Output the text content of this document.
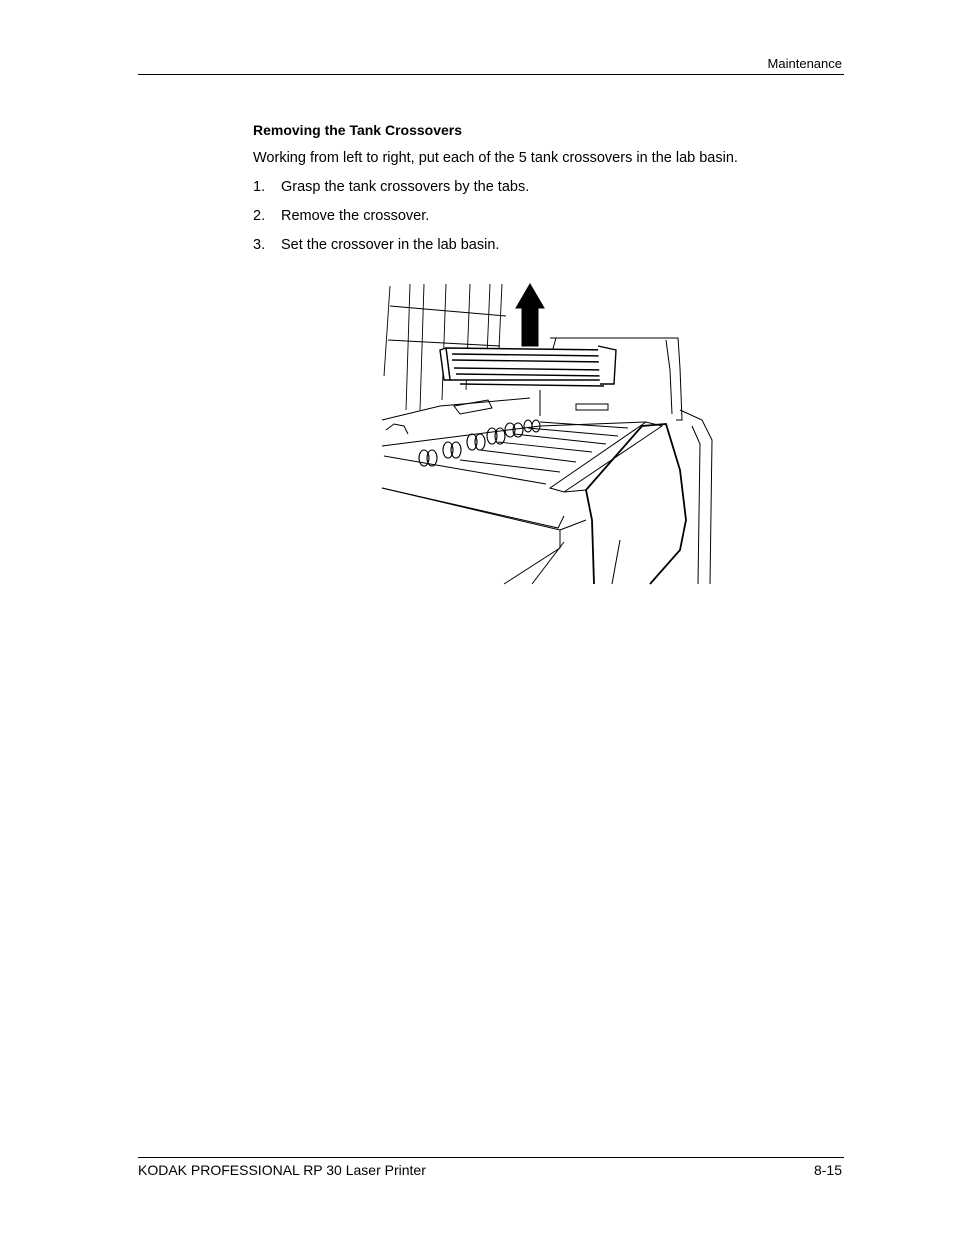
Maintenance
Removing the Tank Crossovers
Working from left to right, put each of the 5 tank crossovers in the lab basin.
1.	Grasp the tank crossovers by the tabs.
2.	Remove the crossover.
3.	Set the crossover in the lab basin.
KODAK PROFESSIONAL RP 30 Laser Printer	8-15
